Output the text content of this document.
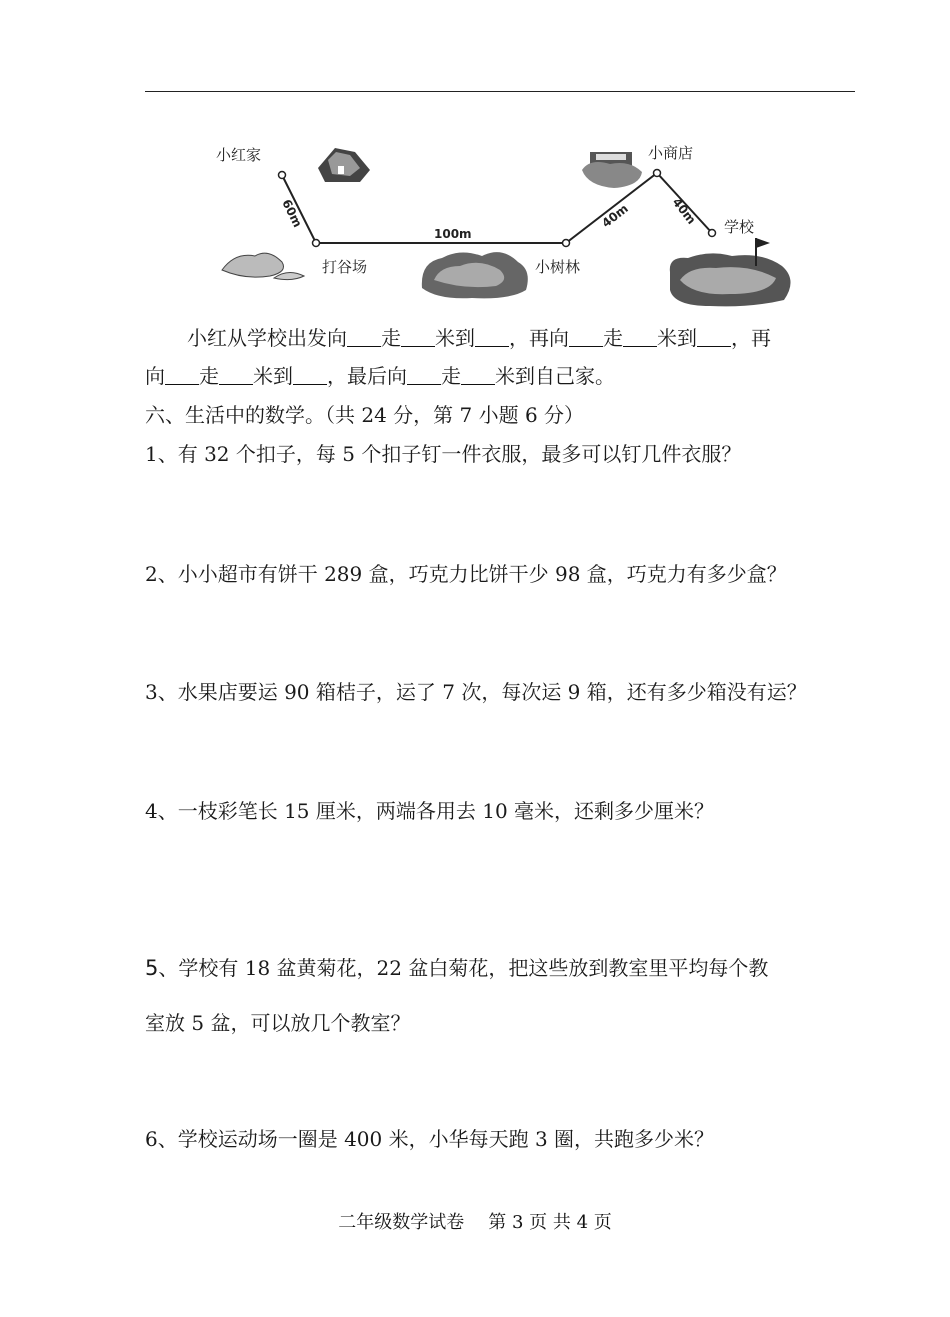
小红家
打谷场	小树林
小商店
学校
60m
100m
40m	40m
小红从学校出发向 走 米到 ，再向 走 米到 ，再
向 走 米到 ，最后向 走 米到自己家。
六、生活中的数学。（共 24 分，第 7 小题 6 分）
1、有 32 个扣子，每 5 个扣子钉一件衣服，最多可以钉几件衣服？
2、小小超市有饼干 289 盒，巧克力比饼干少 98 盒，巧克力有多少盒？
3、水果店要运 90 箱桔子，运了 7 次，每次运 9 箱，还有多少箱没有运？
4、一枝彩笔长 15 厘米，两端各用去 10 毫米，还剩多少厘米？
5、学校有 18 盆黄菊花，22 盆白菊花，把这些放到教室里平均每个教
室放 5 盆，可以放几个教室？
6、学校运动场一圈是 400 米，小华每天跑 3 圈，共跑多少米？
二年级数学试卷 第 3 页 共 4 页
